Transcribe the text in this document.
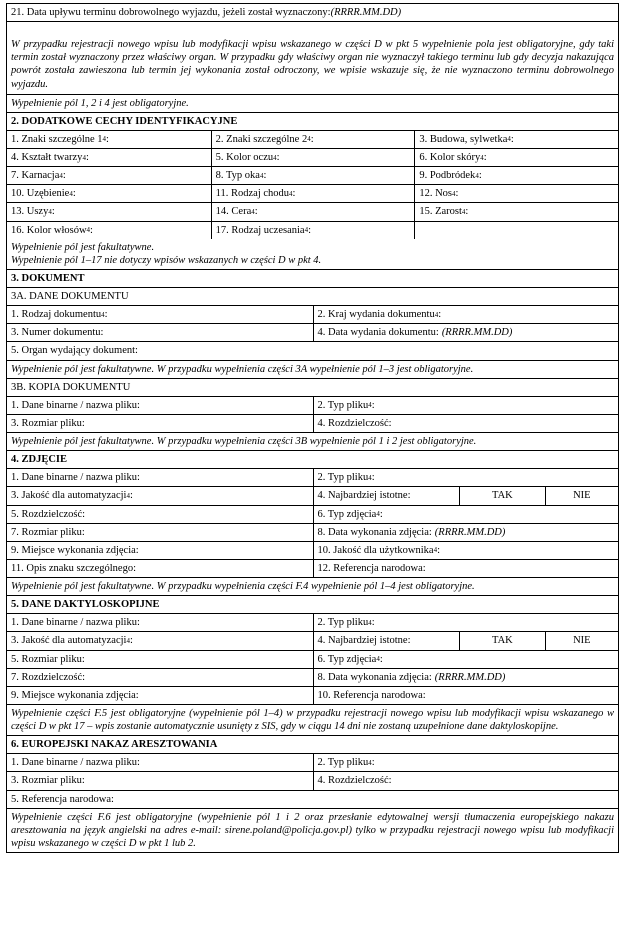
21. Data upływu terminu dobrowolnego wyjazdu, jeżeli został wyznaczony: (RRRR.MM.DD)
W przypadku rejestracji nowego wpisu lub modyfikacji wpisu wskazanego w części D w pkt 5 wypełnienie pola jest obligatoryjne, gdy taki termin został wyznaczony przez właściwy organ. W przypadku gdy właściwy organ nie wyznaczył takiego terminu lub gdy decyzja nakazująca powrót została zawieszona lub termin jej wykonania został odroczony, we wpisie wskazuje się, że nie wyznaczono terminu dobrowolnego wyjazdu.
Wypełnienie pól 1, 2 i 4 jest obligatoryjne.
2. DODATKOWE CECHY IDENTYFIKACYJNE
1. Znaki szczególne 1 4 :	2. Znaki szczególne 2 4 :	3. Budowa, sylwetka 4 :
4. Kształt twarzy 4 :	5. Kolor oczu 4 :	6. Kolor skóry 4 :
7. Karnacja 4 :	8. Typ oka 4 :	9. Podbródek 4 :
10. Uzębienie 4 :	11. Rodzaj chodu 4 :	12. Nos 4 :
13. Uszy 4 :	14. Cera 4 :	15. Zarost 4 :
16. Kolor włosów 4 :	17. Rodzaj uczesania 4 :

Wypełnienie pól jest fakultatywne.
Wypełnienie pól 1–17 nie dotyczy wpisów wskazanych w części D w pkt 4.
3. DOKUMENT
3A. DANE DOKUMENTU
1. Rodzaj dokumentu 4 :	2. Kraj wydania dokumentu 4 :
3. Numer dokumentu:	4. Data wydania dokumentu: (RRRR.MM.DD)
5. Organ wydający dokument:
Wypełnienie pól jest fakultatywne. W przypadku wypełnienia części 3A wypełnienie pól 1–3 jest obligatoryjne.
3B. KOPIA DOKUMENTU
1. Dane binarne / nazwa pliku:	2. Typ pliku 4 :
3. Rozmiar pliku:	4. Rozdzielczość:
Wypełnienie pól jest fakultatywne. W przypadku wypełnienia części 3B wypełnienie pól 1 i 2 jest obligatoryjne.
4. ZDJĘCIE
1. Dane binarne / nazwa pliku:	2. Typ pliku 4 :
3. Jakość dla automatyzacji 4 :	4. Najbardziej istotne:	TAK	NIE
5. Rozdzielczość:	6. Typ zdjęcia 4 :
7. Rozmiar pliku:	8. Data wykonania zdjęcia: (RRRR.MM.DD)
9. Miejsce wykonania zdjęcia:	10. Jakość dla użytkownika 4 :
11. Opis znaku szczególnego:	12. Referencja narodowa:
Wypełnienie pól jest fakultatywne. W przypadku wypełnienia części F.4 wypełnienie pól 1–4 jest obligatoryjne.
5. DANE DAKTYLOSKOPIJNE
1. Dane binarne / nazwa pliku:	2. Typ pliku 4 :
3. Jakość dla automatyzacji 4 :	4. Najbardziej istotne:	TAK	NIE
5. Rozmiar pliku:	6. Typ zdjęcia 4 :
7. Rozdzielczość:	8. Data wykonania zdjęcia: (RRRR.MM.DD)
9. Miejsce wykonania zdjęcia:	10. Referencja narodowa:
Wypełnienie części F.5 jest obligatoryjne (wypełnienie pól 1–4) w przypadku rejestracji nowego wpisu lub modyfikacji wpisu wskazanego w części D w pkt 17 – wpis zostanie automatycznie usunięty z SIS, gdy w ciągu 14 dni nie zostaną uzupełnione dane daktyloskopijne.
6. EUROPEJSKI NAKAZ ARESZTOWANIA
1. Dane binarne / nazwa pliku:	2. Typ pliku 4 :
3. Rozmiar pliku:	4. Rozdzielczość:
5. Referencja narodowa:
Wypełnienie części F.6 jest obligatoryjne (wypełnienie pól 1 i 2 oraz przesłanie edytowalnej wersji tłumaczenia europejskiego nakazu aresztowania na język angielski na adres e-mail: sirene.poland@policja.gov.pl) tylko w przypadku rejestracji nowego wpisu lub modyfikacji wpisu wskazanego w części D w pkt 1 lub 2.
